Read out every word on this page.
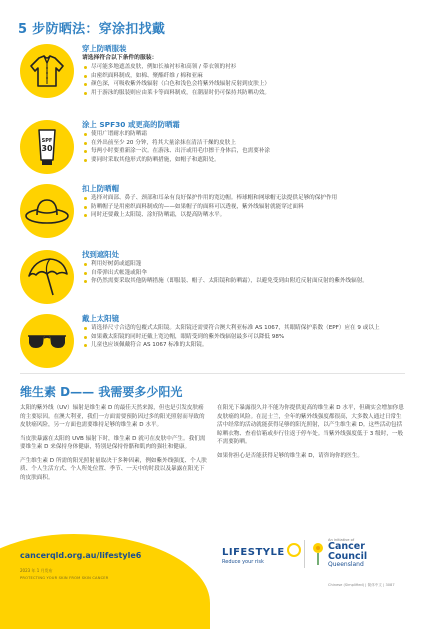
5 步防晒法：穿涂扣找戴
穿上防晒服装
请选择符合以下条件的服装：
尽可能多地遮盖皮肤，例如长袖衬衫和高领 / 带衣领的衬衫
由密织面料制成，如棉、聚酯纤维 / 棉和亚麻
颜色深，可吸收紫外线辐射（白色和浅色会将紫外线辐射反射到皮肤上）
用于游泳的服装则应由莱卡等面料制成，在潮湿时仍可保持其防晒功效。
SPF
30
涂上 SPF30 或更高的防晒霜
使用广谱耐水的防晒霜
在外出前至少 20 分钟，将其大量涂抹在清洁干燥的皮肤上
每两小时要重新涂一次。在游泳、出汗或用毛巾擦干身体后，也需要补涂
要同时采取其他形式的防晒措施，如帽子和遮阳处。
扣上防晒帽
选择对面部、鼻子、颈部和耳朵有良好保护作用的宽边帽。棒球帽和网球帽无法提供足够的保护作用
防晒帽子是用密织面料制成的——如果帽子的面料可以透视，紫外线辐射就能穿过面料
同时还要戴上太阳镜、涂好防晒霜，以提高防晒水平。
找到遮阳处
利用好树荫或遮阳篷
自带弹出式帐篷或阳伞
你仍然需要采取其他防晒措施（即服装、帽子、太阳镜和防晒霜），以避免受到由附近反射面反射的紫外线辐射。
戴上太阳镜
请选择尺寸合适的包覆式太阳镜。太阳镜还需要符合澳大利亚标准 AS 1067，其眼睛保护系数（EPF）应在 9 或以上
如果戴太阳镜的同时还戴上宽边帽，眼睛受到的紫外线辐射最多可以降低 98%
儿童也应该佩戴符合 AS 1067 标准的太阳镜。
维生素 D—— 我需要多少阳光

太阳的紫外线（UV）辐射是维生素 D 的最佳天然来源，但也是引发皮肤癌的主要原因。在澳大利亚，我们一方面需要预防因过多的阳光照射而导致的皮肤癌风险，另一方面也需要维持足够的维生素 D 水平。

当皮肤暴露在太阳的 UVB 辐射下时，维生素 D 就可在皮肤中产生。我们需要维生素 D 来保持身体健康，特别是保持骨骼和肌肉的强壮和健康。

产生维生素 D 所需的阳光照射量取决于多种因素，例如紫外线强度、个人肤质、个人生活方式、个人所处位置、季节、一天中的时段以及暴露在阳光下的皮肤面积。

在阳光下暴露很久并不能为你提供更高的维生素 D 水平，但确实会增加你患皮肤癌的风险。在昆士兰，全年的紫外线强度都很高，大多数人通过日常生活中经常的活动就能获得足够的阳光照射，以产生维生素 D。这些活动包括晾晒衣物、查看信箱或步行往返于停车处。当紫外线强度低于 3 级时，一般不需要防晒。

如果你担心是否能获得足够的维生素 D，请咨询你的医生。

cancerqld.org.au/lifestyle6
2023 年 1 月发布
PROTECTING YOUR SKIN FROM SKIN CANCER
LIFESTYLE
Reduce your risk
An initiative of
Cancer
Council
Queensland
Chinese (Simplified) | 简体中文 | 3087
